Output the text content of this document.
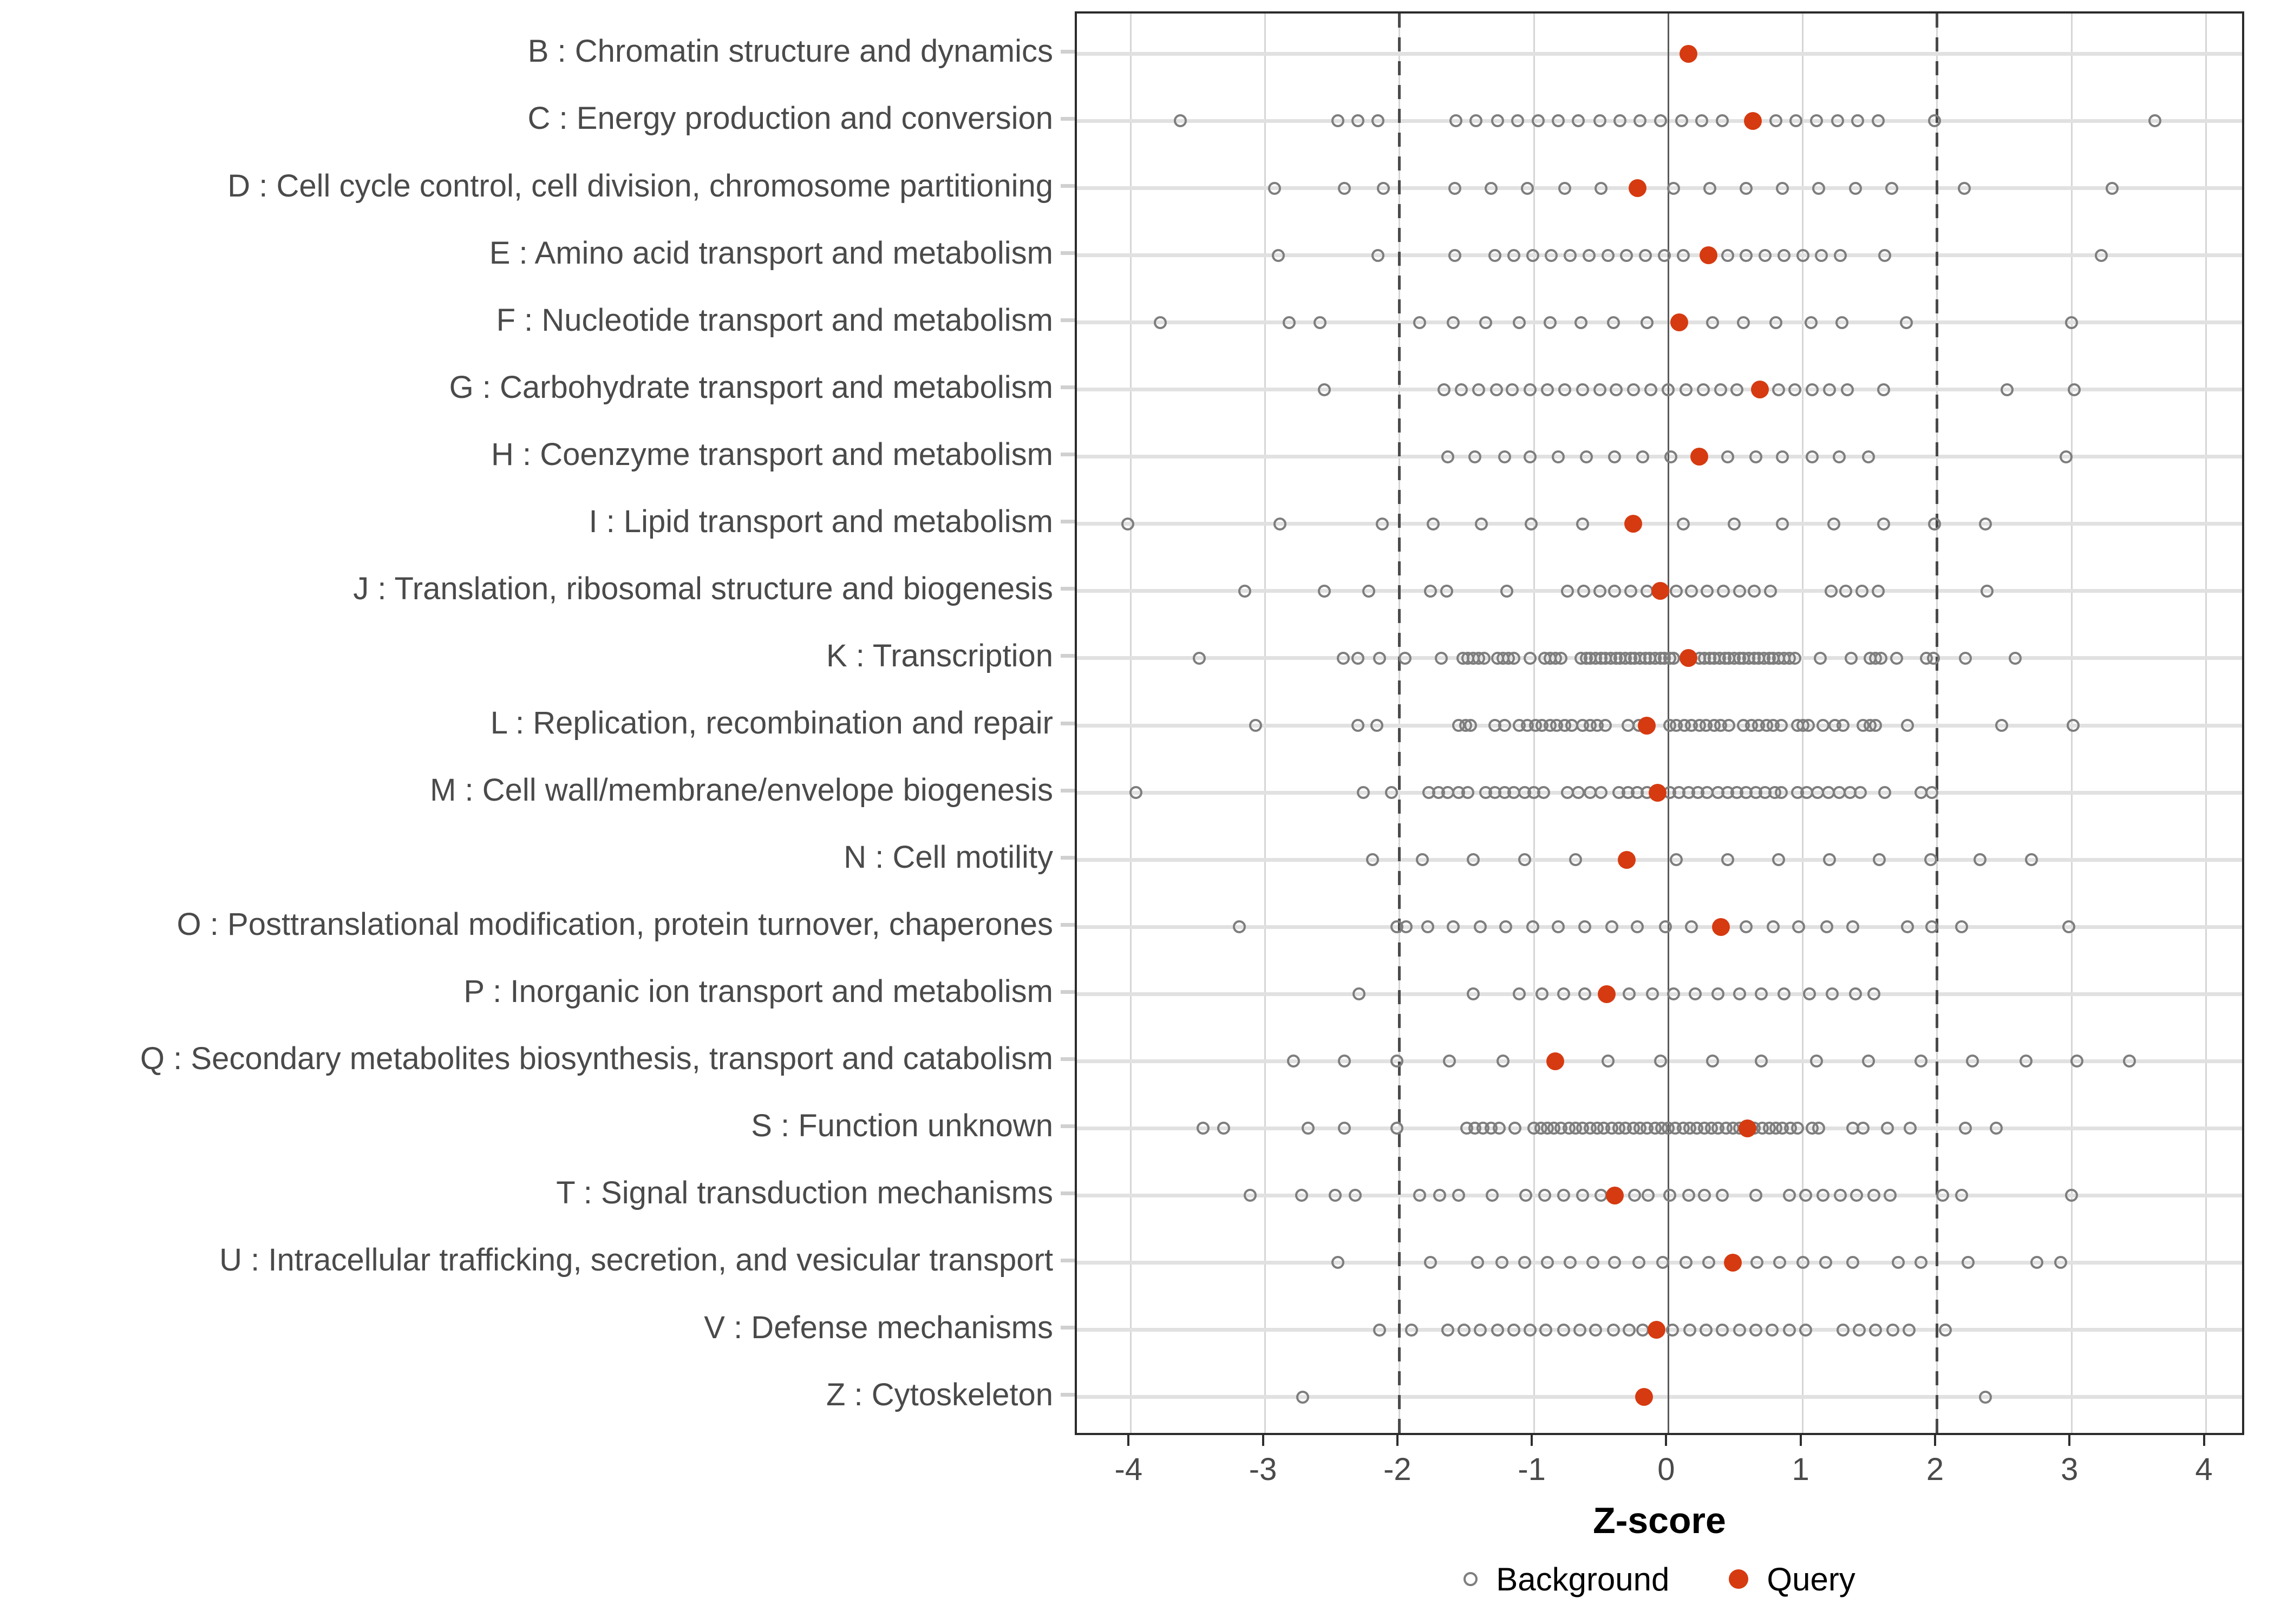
B : Chromatin structure and dynamics
C : Energy production and conversion
D : Cell cycle control, cell division, chromosome partitioning
E : Amino acid transport and metabolism
F : Nucleotide transport and metabolism
G : Carbohydrate transport and metabolism
H : Coenzyme transport and metabolism
I : Lipid transport and metabolism
J : Translation, ribosomal structure and biogenesis
K : Transcription
L : Replication, recombination and repair
M : Cell wall/membrane/envelope biogenesis
N : Cell motility
O : Posttranslational modification, protein turnover, chaperones
P : Inorganic ion transport and metabolism
Q : Secondary metabolites biosynthesis, transport and catabolism
S : Function unknown
T : Signal transduction mechanisms
U : Intracellular trafficking, secretion, and vesicular transport
V : Defense mechanisms
Z : Cytoskeleton
-4	-3	-2	-1	0	1	2	3	4
Z-score
Background	Query
